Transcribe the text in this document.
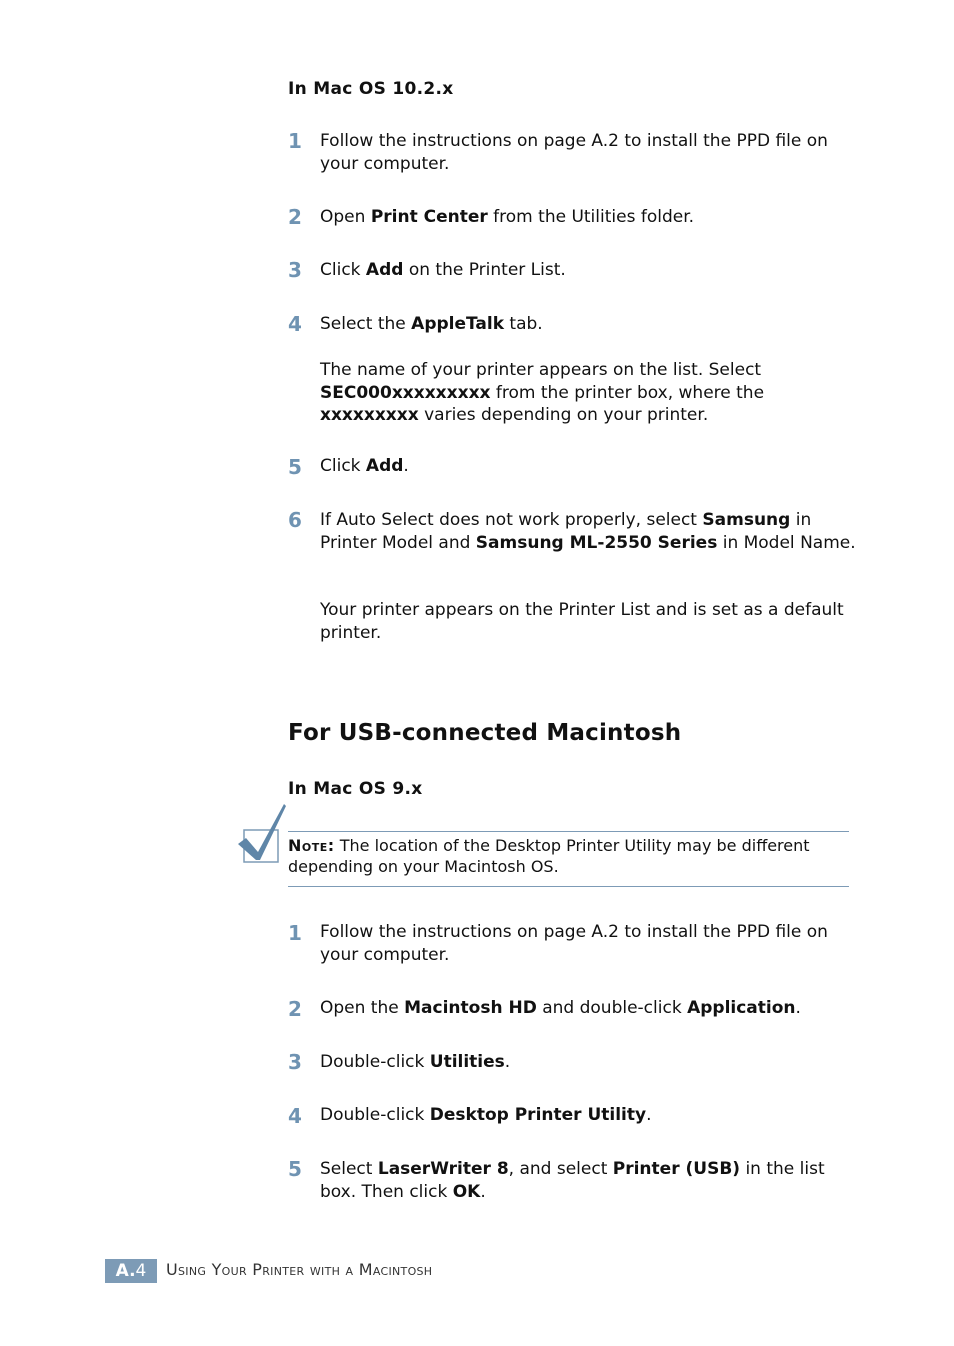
In Mac OS 10.2.x
1 Follow the instructions on page A.2 to install the PPD file on your computer.
2 Open Print Center from the Utilities folder.
3 Click Add on the Printer List.
4 Select the AppleTalk tab.
The name of your printer appears on the list. Select SEC000xxxxxxxxx from the printer box, where the xxxxxxxxx varies depending on your printer.
5 Click Add.
6 If Auto Select does not work properly, select Samsung in Printer Model and Samsung ML-2550 Series in Model Name.
Your printer appears on the Printer List and is set as a default printer.
For USB-connected Macintosh
In Mac OS 9.x
Note: The location of the Desktop Printer Utility may be different depending on your Macintosh OS.
1 Follow the instructions on page A.2 to install the PPD file on your computer.
2 Open the Macintosh HD and double-click Application.
3 Double-click Utilities.
4 Double-click Desktop Printer Utility.
5 Select LaserWriter 8, and select Printer (USB) in the list box. Then click OK.
A.4	Using Your Printer with a Macintosh
